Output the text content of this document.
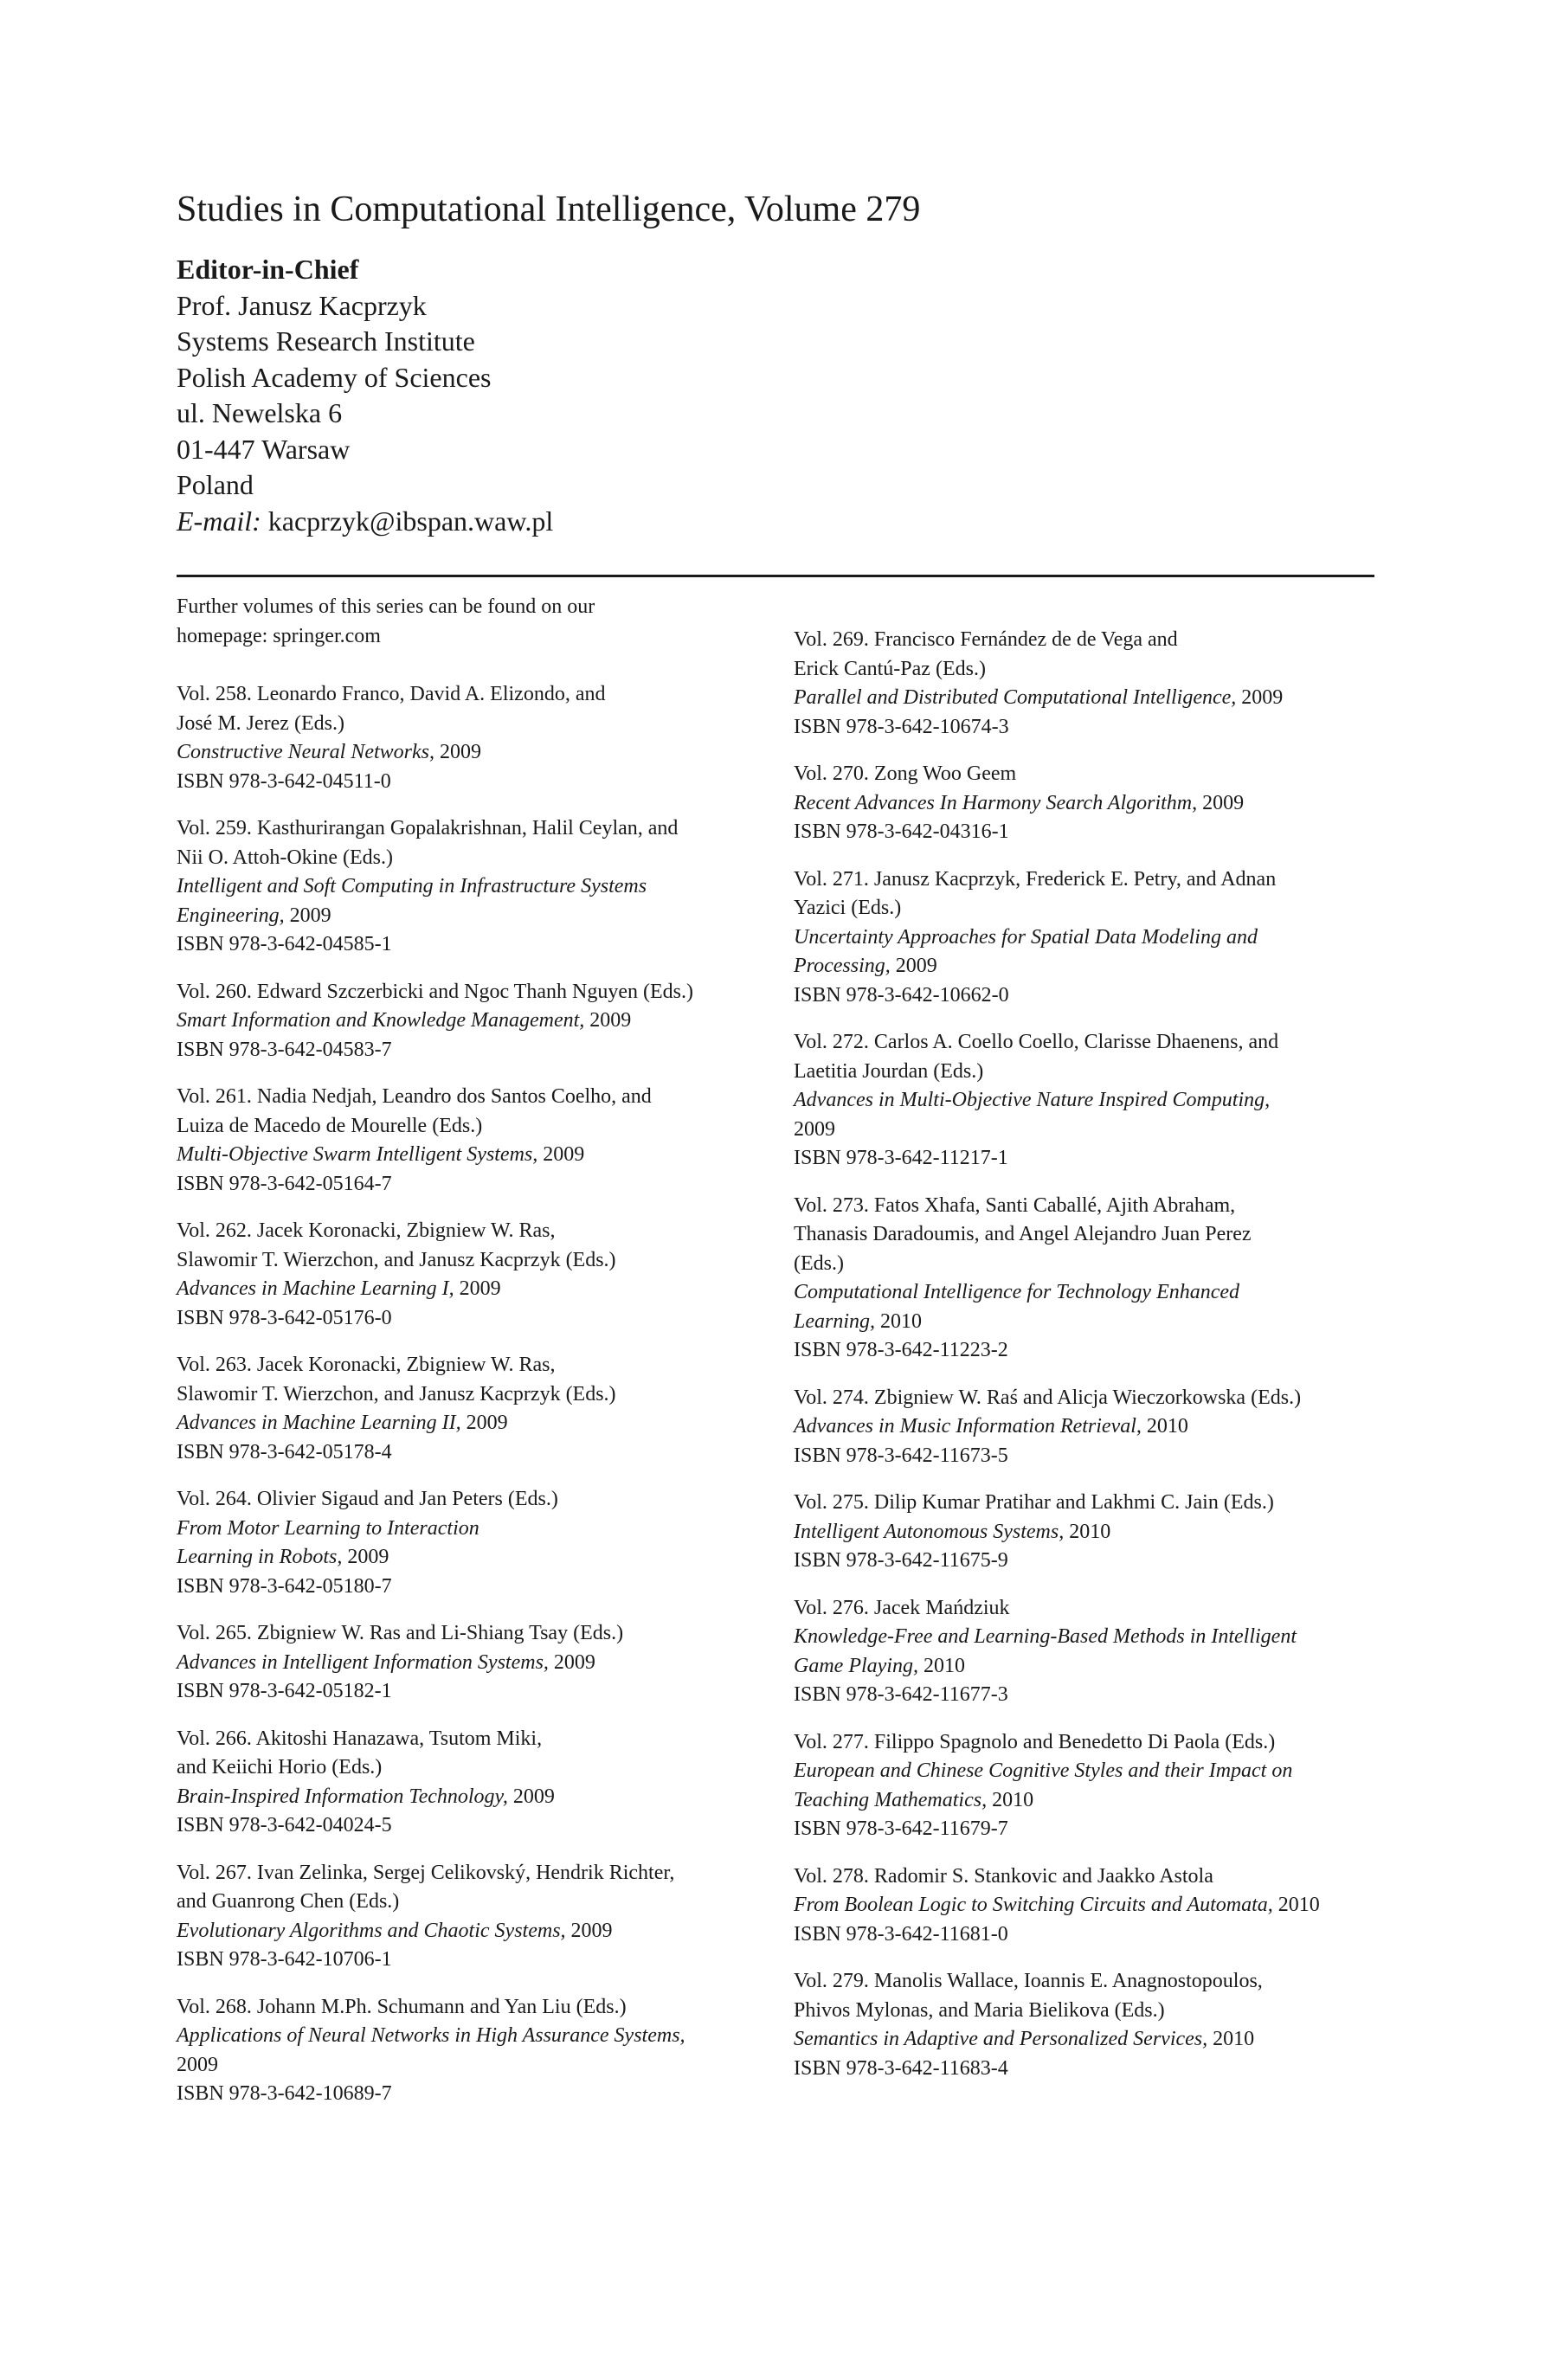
Studies in Computational Intelligence, Volume 279
Editor-in-Chief
Prof. Janusz Kacprzyk
Systems Research Institute
Polish Academy of Sciences
ul. Newelska 6
01-447 Warsaw
Poland
E-mail: kacprzyk@ibspan.waw.pl
Further volumes of this series can be found on our
homepage: springer.com
Vol. 258. Leonardo Franco, David A. Elizondo, and
José M. Jerez (Eds.)
Constructive Neural Networks, 2009
ISBN 978-3-642-04511-0
Vol. 259. Kasthurirangan Gopalakrishnan, Halil Ceylan, and
Nii O. Attoh-Okine (Eds.)
Intelligent and Soft Computing in Infrastructure Systems
Engineering, 2009
ISBN 978-3-642-04585-1
Vol. 260. Edward Szczerbicki and Ngoc Thanh Nguyen (Eds.)
Smart Information and Knowledge Management, 2009
ISBN 978-3-642-04583-7
Vol. 261. Nadia Nedjah, Leandro dos Santos Coelho, and
Luiza de Macedo de Mourelle (Eds.)
Multi-Objective Swarm Intelligent Systems, 2009
ISBN 978-3-642-05164-7
Vol. 262. Jacek Koronacki, Zbigniew W. Ras,
Slawomir T. Wierzchon, and Janusz Kacprzyk (Eds.)
Advances in Machine Learning I, 2009
ISBN 978-3-642-05176-0
Vol. 263. Jacek Koronacki, Zbigniew W. Ras,
Slawomir T. Wierzchon, and Janusz Kacprzyk (Eds.)
Advances in Machine Learning II, 2009
ISBN 978-3-642-05178-4
Vol. 264. Olivier Sigaud and Jan Peters (Eds.)
From Motor Learning to Interaction
Learning in Robots, 2009
ISBN 978-3-642-05180-7
Vol. 265. Zbigniew W. Ras and Li-Shiang Tsay (Eds.)
Advances in Intelligent Information Systems, 2009
ISBN 978-3-642-05182-1
Vol. 266. Akitoshi Hanazawa, Tsutom Miki,
and Keiichi Horio (Eds.)
Brain-Inspired Information Technology, 2009
ISBN 978-3-642-04024-5
Vol. 267. Ivan Zelinka, Sergej Celikovský, Hendrik Richter,
and Guanrong Chen (Eds.)
Evolutionary Algorithms and Chaotic Systems, 2009
ISBN 978-3-642-10706-1
Vol. 268. Johann M.Ph. Schumann and Yan Liu (Eds.)
Applications of Neural Networks in High Assurance Systems,
2009
ISBN 978-3-642-10689-7
Vol. 269. Francisco Fernández de de Vega and
Erick Cantú-Paz (Eds.)
Parallel and Distributed Computational Intelligence, 2009
ISBN 978-3-642-10674-3
Vol. 270. Zong Woo Geem
Recent Advances In Harmony Search Algorithm, 2009
ISBN 978-3-642-04316-1
Vol. 271. Janusz Kacprzyk, Frederick E. Petry, and Adnan
Yazici (Eds.)
Uncertainty Approaches for Spatial Data Modeling and
Processing, 2009
ISBN 978-3-642-10662-0
Vol. 272. Carlos A. Coello Coello, Clarisse Dhaenens, and
Laetitia Jourdan (Eds.)
Advances in Multi-Objective Nature Inspired Computing,
2009
ISBN 978-3-642-11217-1
Vol. 273. Fatos Xhafa, Santi Caballé, Ajith Abraham,
Thanasis Daradoumis, and Angel Alejandro Juan Perez
(Eds.)
Computational Intelligence for Technology Enhanced
Learning, 2010
ISBN 978-3-642-11223-2
Vol. 274. Zbigniew W. Raś and Alicja Wieczorkowska (Eds.)
Advances in Music Information Retrieval, 2010
ISBN 978-3-642-11673-5
Vol. 275. Dilip Kumar Pratihar and Lakhmi C. Jain (Eds.)
Intelligent Autonomous Systems, 2010
ISBN 978-3-642-11675-9
Vol. 276. Jacek Mańdziuk
Knowledge-Free and Learning-Based Methods in Intelligent
Game Playing, 2010
ISBN 978-3-642-11677-3
Vol. 277. Filippo Spagnolo and Benedetto Di Paola (Eds.)
European and Chinese Cognitive Styles and their Impact on
Teaching Mathematics, 2010
ISBN 978-3-642-11679-7
Vol. 278. Radomir S. Stankovic and Jaakko Astola
From Boolean Logic to Switching Circuits and Automata, 2010
ISBN 978-3-642-11681-0
Vol. 279. Manolis Wallace, Ioannis E. Anagnostopoulos,
Phivos Mylonas, and Maria Bielikova (Eds.)
Semantics in Adaptive and Personalized Services, 2010
ISBN 978-3-642-11683-4
